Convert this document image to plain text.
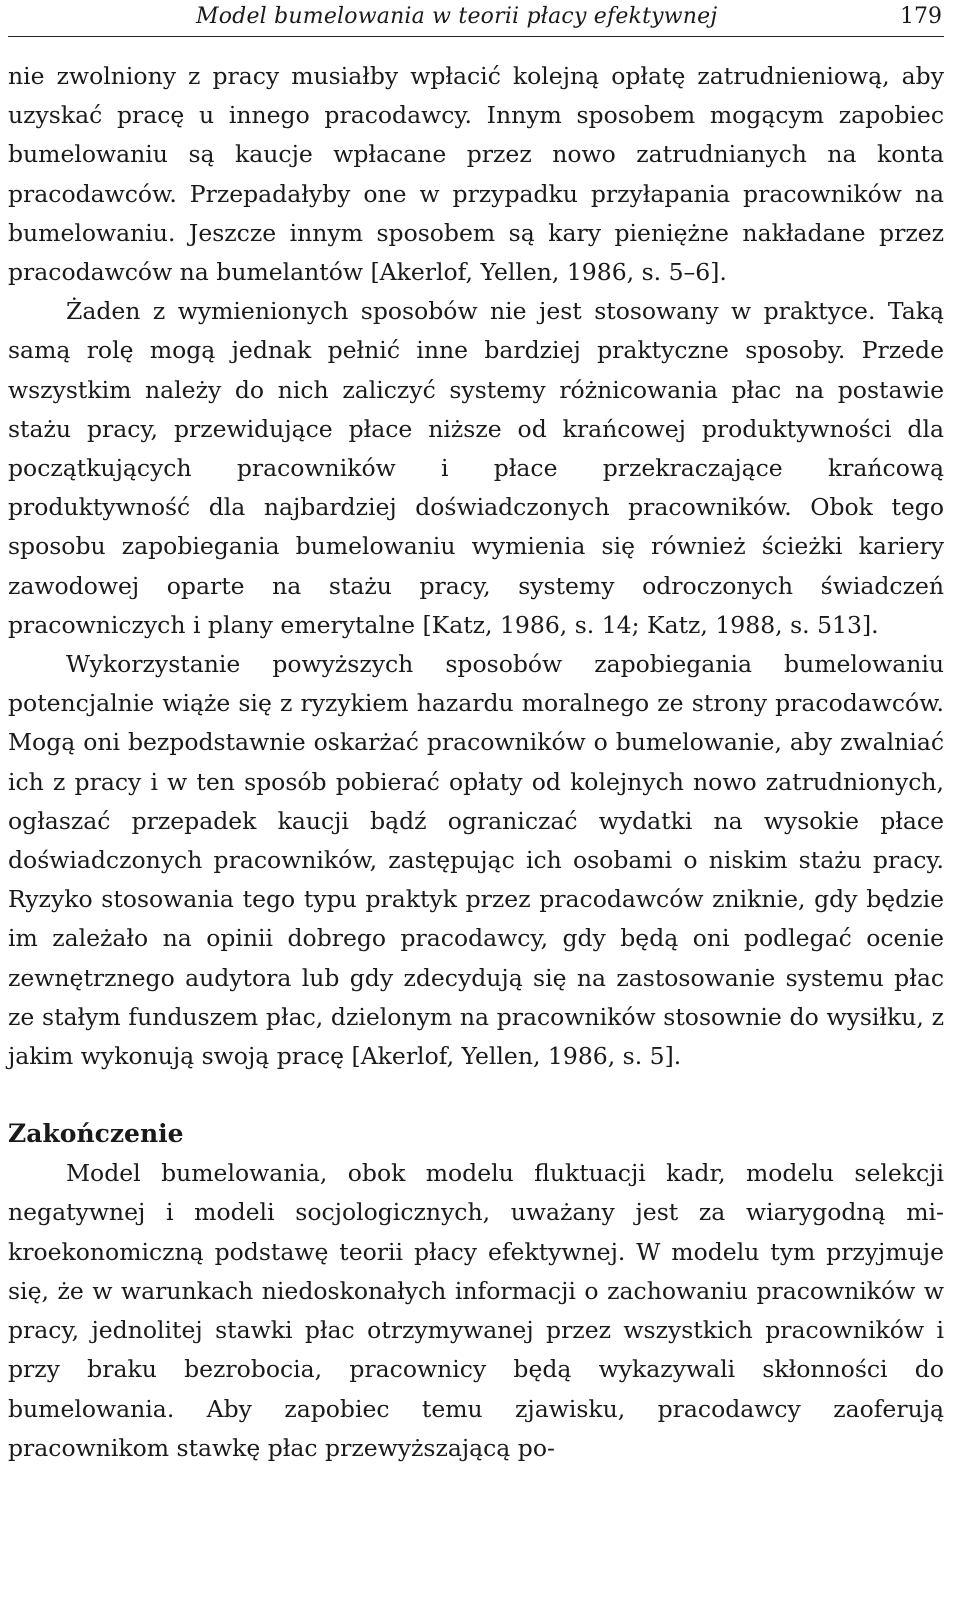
Model bumelowania w teorii płacy efektywnej	179

nie zwolniony z pracy musiałby wpłacić kolejną opłatę zatrudnieniową, aby uzyskać pracę u innego pracodawcy. Innym sposobem mogącym zapobiec bumelowaniu są kaucje wpłacane przez nowo zatrudnianych na konta pracodawców. Przepadałyby one w przypadku przyłapania pracowników na bumelowaniu. Jeszcze innym sposobem są kary pieniężne nakładane przez pracodawców na bumelantów [Akerlof, Yellen, 1986, s. 5–6].

Żaden z wymienionych sposobów nie jest stosowany w praktyce. Taką samą rolę mogą jednak pełnić inne bardziej praktyczne sposoby. Przede wszystkim należy do nich zaliczyć systemy różnicowania płac na postawie stażu pracy, przewidujące płace niższe od krańcowej produktywności dla początkujących pracowników i płace przekraczające krańcową produktywność dla najbardziej doświadczonych pracowników. Obok tego sposobu zapobiegania bumelowaniu wymienia się również ścieżki kariery zawodowej oparte na stażu pracy, systemy odroczonych świadczeń pracowniczych i plany emerytalne [Katz, 1986, s. 14; Katz, 1988, s. 513].

Wykorzystanie powyższych sposobów zapobiegania bumelowaniu potencjalnie wiąże się z ryzykiem hazardu moralnego ze strony pracodawców. Mogą oni bezpodstawnie oskarżać pracowników o bumelowanie, aby zwalniać ich z pracy i w ten sposób pobierać opłaty od kolejnych nowo zatrudnionych, ogłaszać przepadek kaucji bądź ograniczać wydatki na wysokie płace doświadczonych pracowników, zastępując ich osobami o niskim stażu pracy. Ryzyko stosowania tego typu praktyk przez pracodawców zniknie, gdy będzie im zależało na opinii dobrego pracodawcy, gdy będą oni podlegać ocenie zewnętrznego audytora lub gdy zdecydują się na zastosowanie systemu płac ze stałym funduszem płac, dzielonym na pracowników stosownie do wysiłku, z jakim wykonują swoją pracę [Akerlof, Yellen, 1986, s. 5].

Zakończenie

Model bumelowania, obok modelu fluktuacji kadr, modelu selekcji negatywnej i modeli socjologicznych, uważany jest za wiarygodną mikroekonomiczną podstawę teorii płacy efektywnej. W modelu tym przyjmuje się, że w warunkach niedoskonałych informacji o zachowaniu pracowników w pracy, jednolitej stawki płac otrzymywanej przez wszystkich pracowników i przy braku bezrobocia, pracownicy będą wykazywali skłonności do bumelowania. Aby zapobiec temu zjawisku, pracodawcy zaoferują pracownikom stawkę płac przewyższającą po-
